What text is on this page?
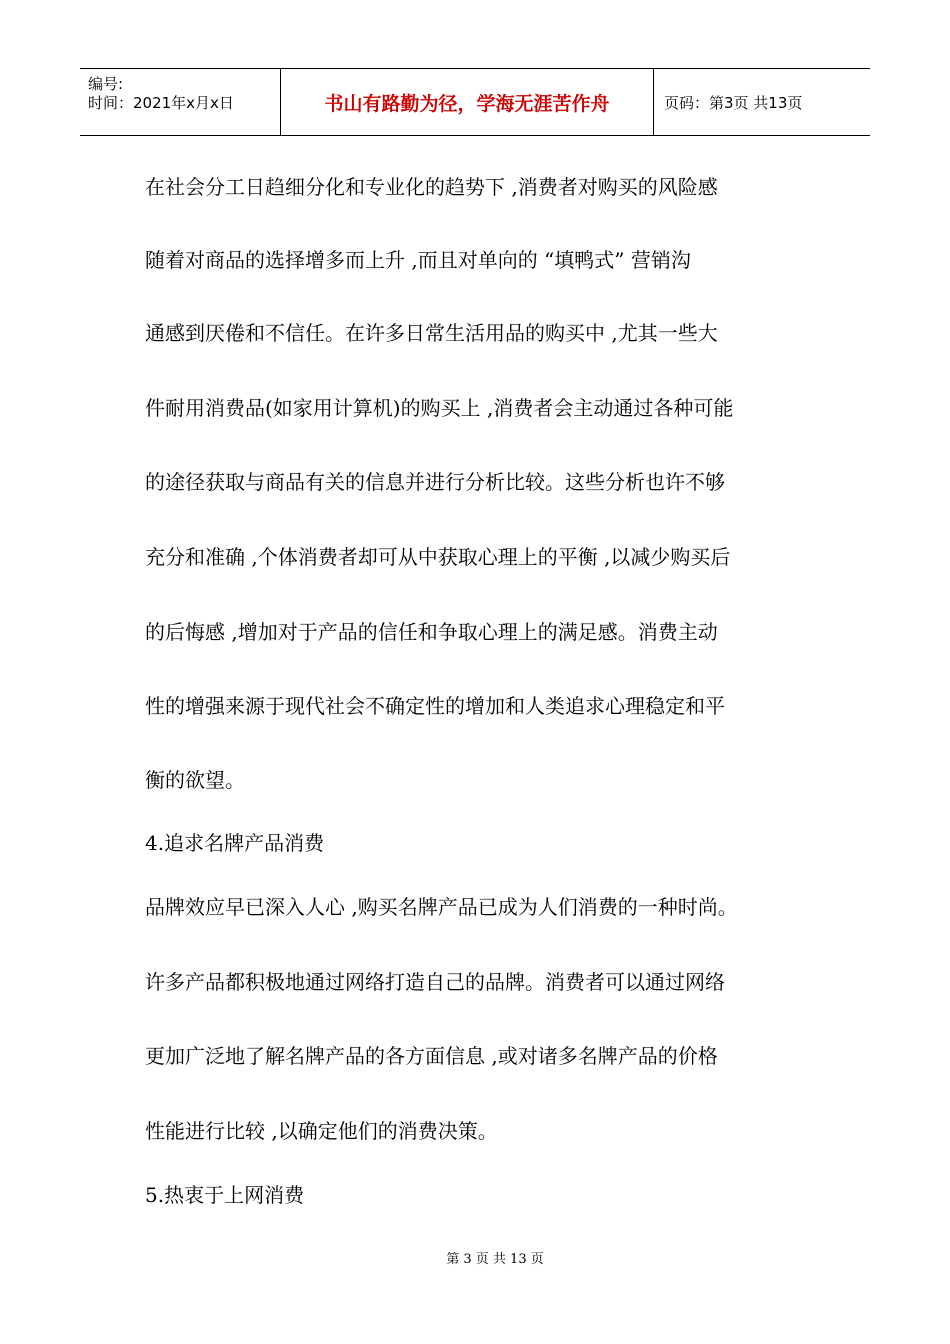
编号:
时间：2021年x月x日	书山有路勤为径，学海无涯苦作舟	页码：第3页 共13页
在社会分工日趋细分化和专业化的趋势下 ,消费者对购买的风险感
随着对商品的选择增多而上升 ,而且对单向的 “填鸭式” 营销沟
通感到厌倦和不信任。在许多日常生活用品的购买中 ,尤其一些大
件耐用消费品(如家用计算机)的购买上 ,消费者会主动通过各种可能
的途径获取与商品有关的信息并进行分析比较。这些分析也许不够
充分和准确 ,个体消费者却可从中获取心理上的平衡 ,以减少购买后
的后悔感 ,增加对于产品的信任和争取心理上的满足感。消费主动
性的增强来源于现代社会不确定性的增加和人类追求心理稳定和平
衡的欲望。
4.追求名牌产品消费
品牌效应早已深入人心 ,购买名牌产品已成为人们消费的一种时尚。
许多产品都积极地通过网络打造自己的品牌。消费者可以通过网络
更加广泛地了解名牌产品的各方面信息 ,或对诸多名牌产品的价格
性能进行比较 ,以确定他们的消费决策。
5.热衷于上网消费
第 3 页 共 13 页
